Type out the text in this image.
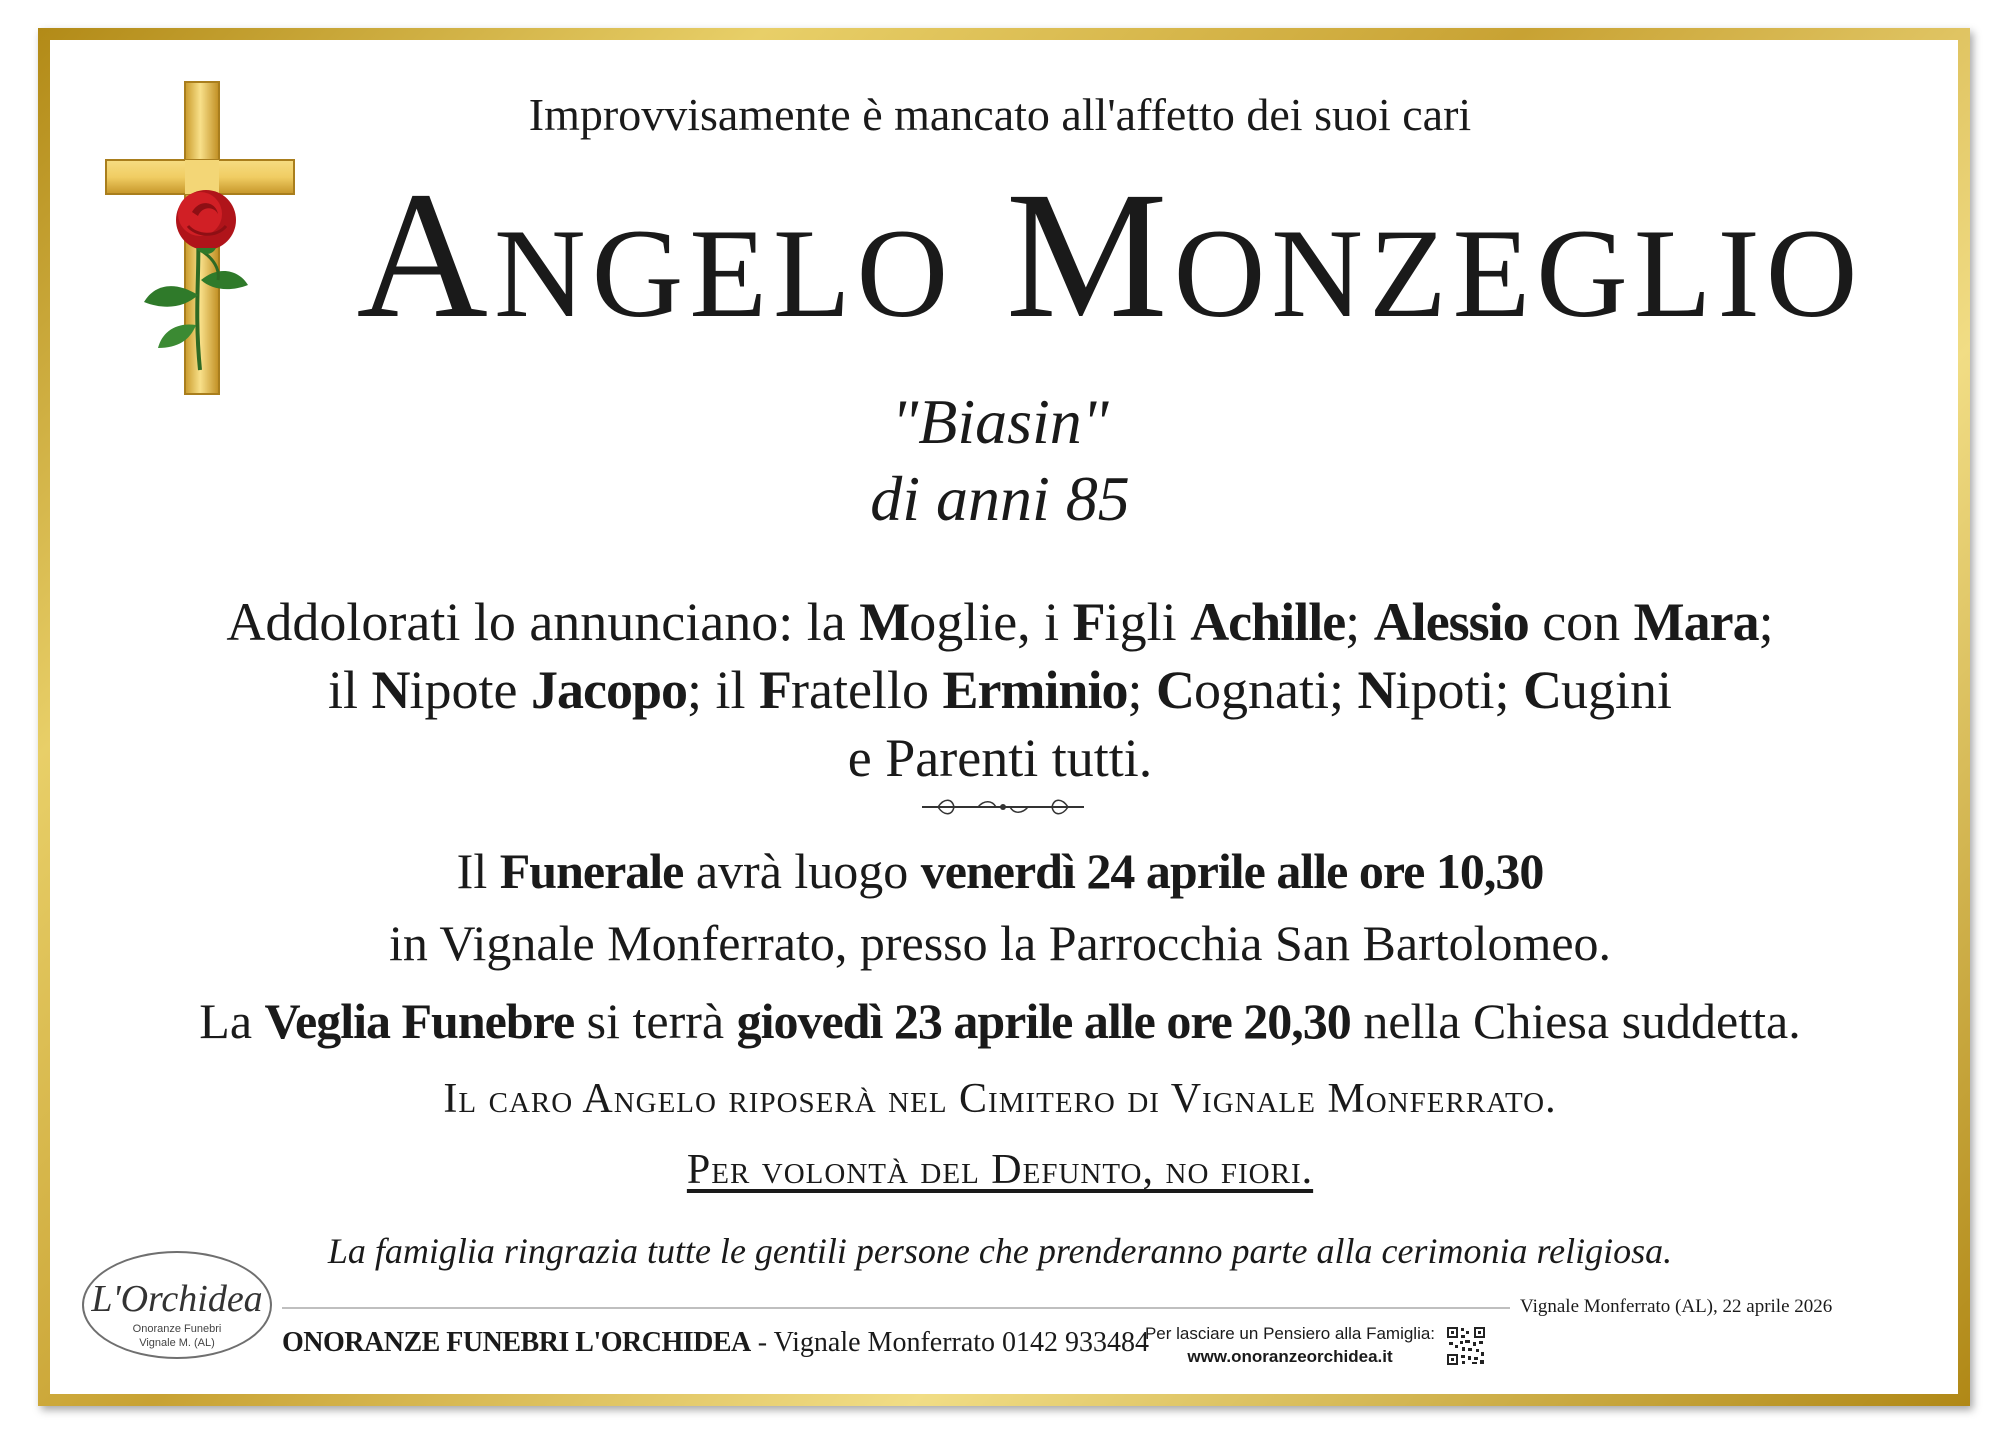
Improvvisamente è mancato all'affetto dei suoi cari
Angelo Monzeglio
"Biasin"
di anni 85
Addolorati lo annunciano: la Moglie, i Figli Achille; Alessio con Mara;
il Nipote Jacopo; il Fratello Erminio; Cognati; Nipoti; Cugini
e Parenti tutti.
Il Funerale avrà luogo venerdì 24 aprile alle ore 10,30
in Vignale Monferrato, presso la Parrocchia San Bartolomeo.
La Veglia Funebre si terrà giovedì 23 aprile alle ore 20,30 nella Chiesa suddetta.
Il caro Angelo riposerà nel Cimitero di Vignale Monferrato.
Per volontà del Defunto, no fiori.
La famiglia ringrazia tutte le gentili persone che prenderanno parte alla cerimonia religiosa.
L'Orchidea
Onoranze Funebri
Vignale M. (AL)	ONORANZE FUNEBRI L'ORCHIDEA - Vignale Monferrato 0142 933484
Vignale Monferrato (AL), 22 aprile 2026
Per lasciare un Pensiero alla Famiglia:
www.onoranzeorchidea.it
